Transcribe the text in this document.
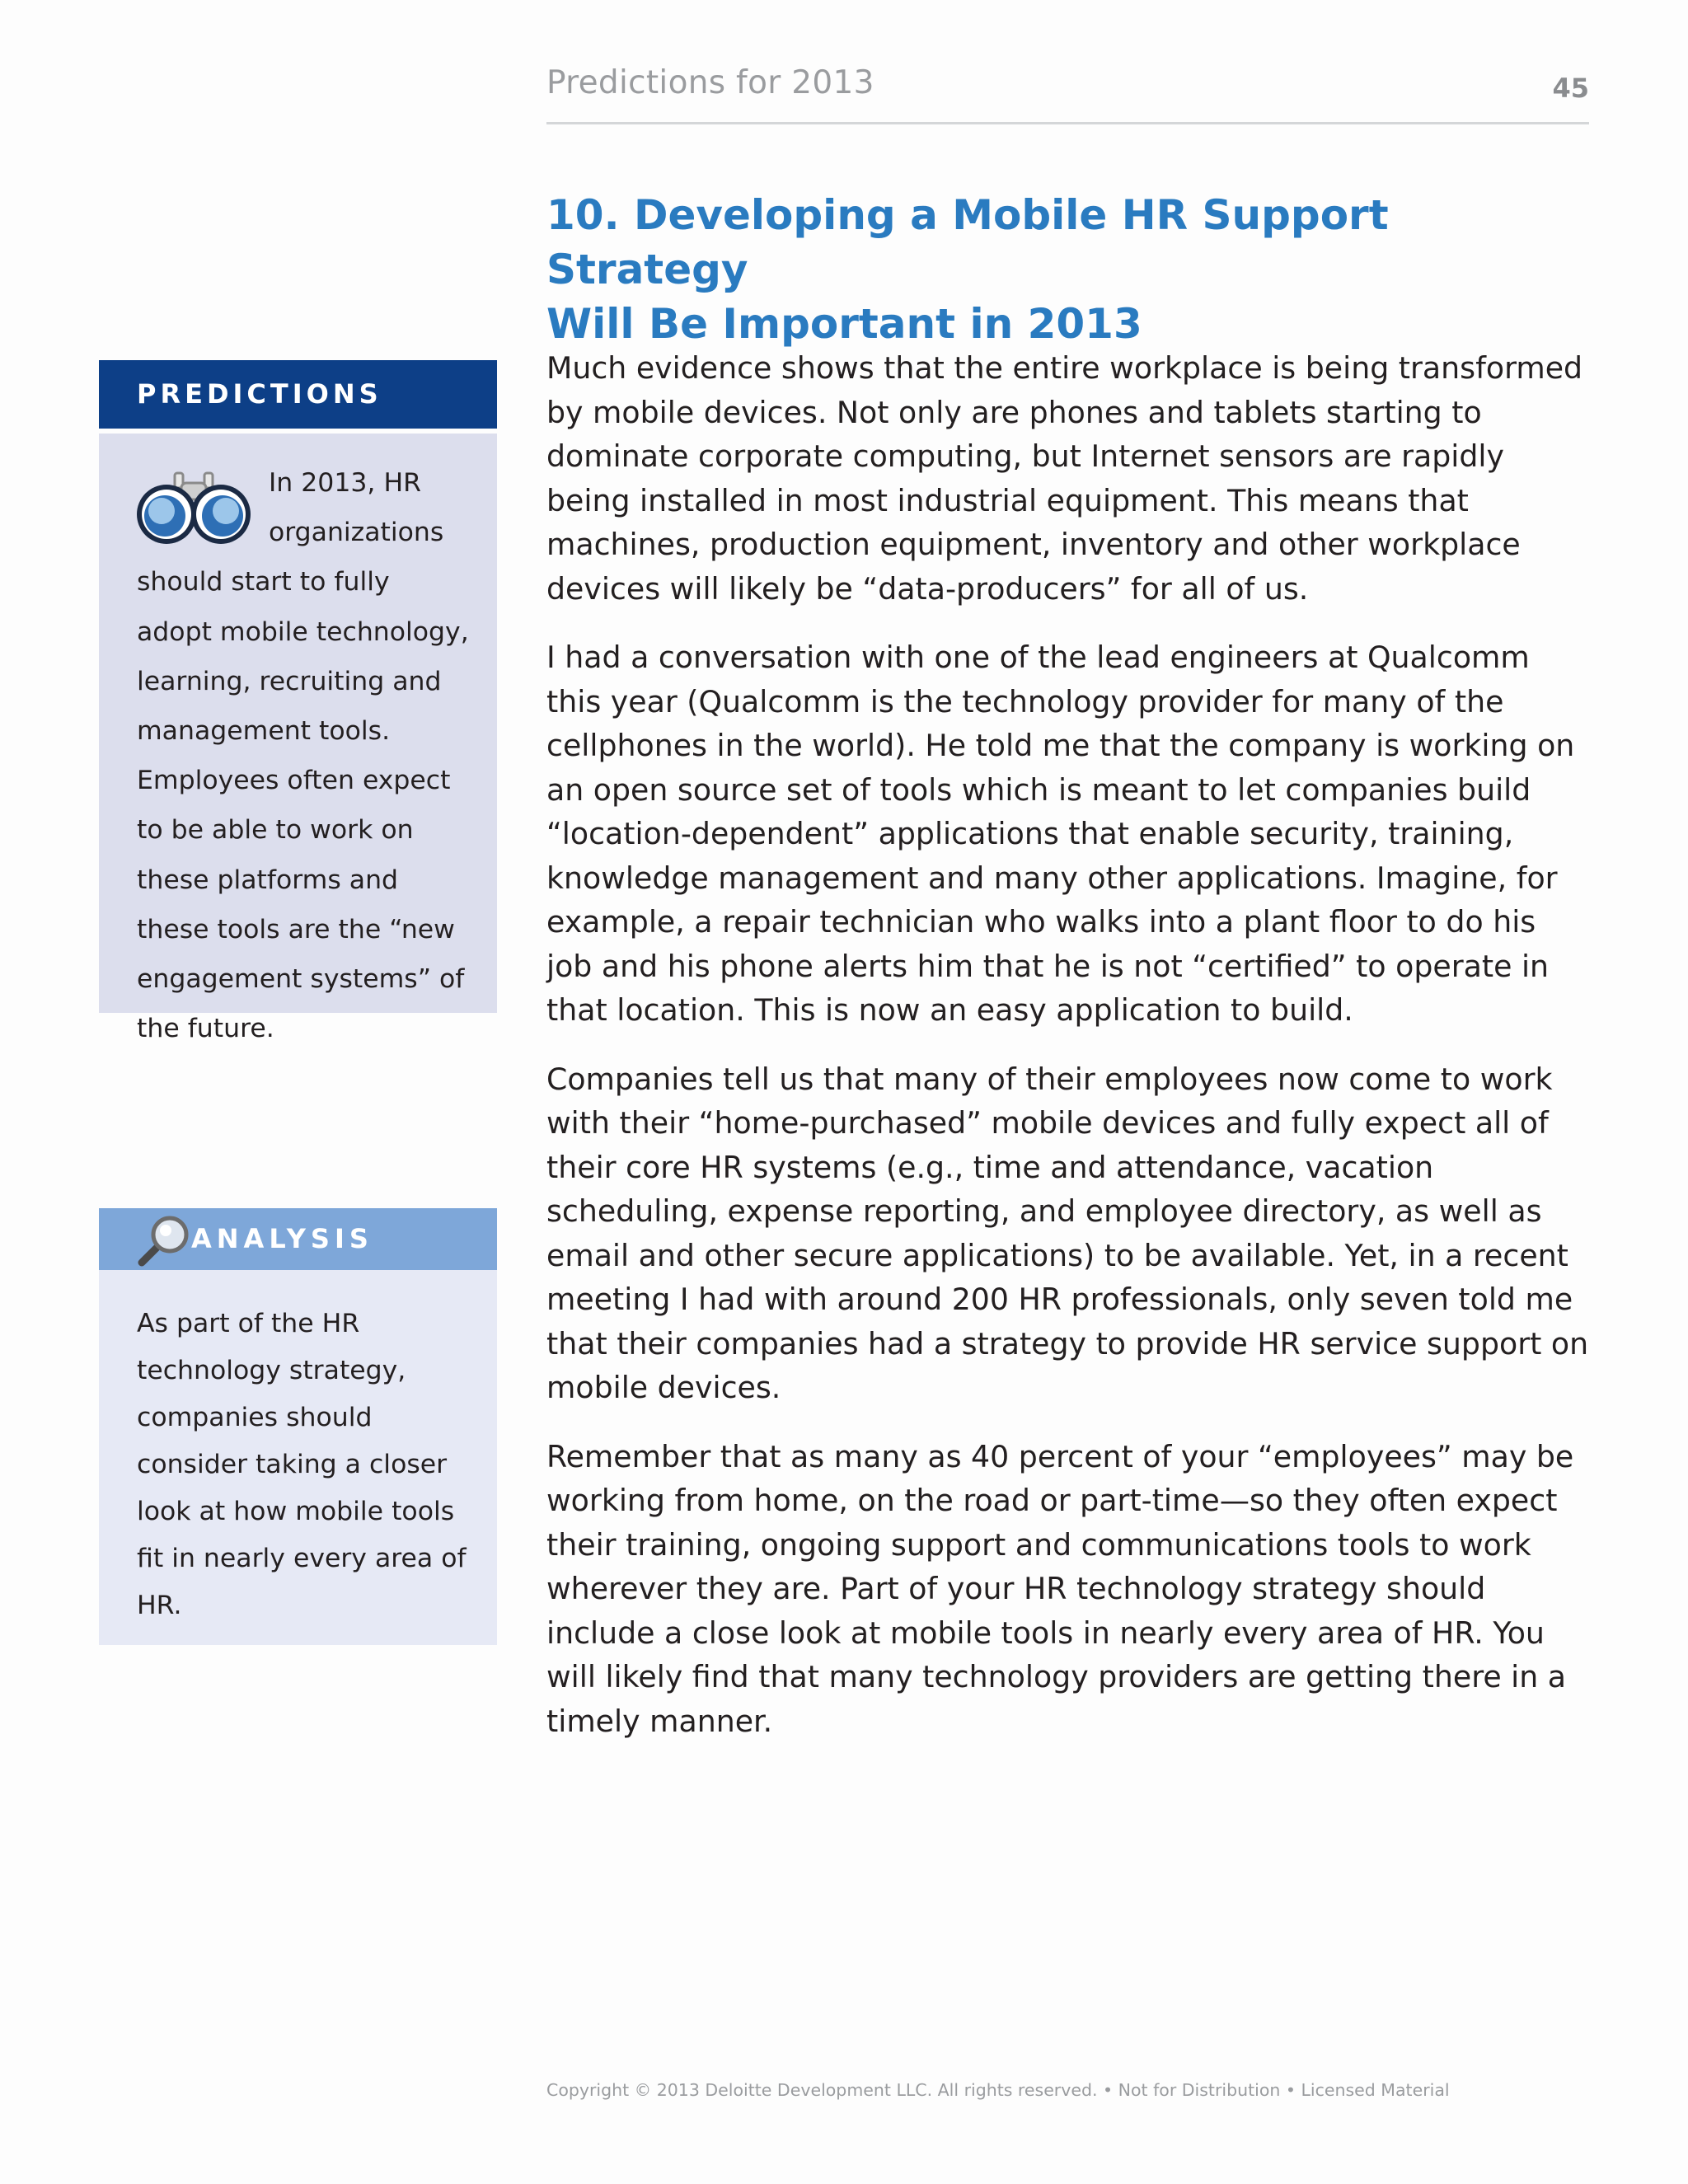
Predictions for 2013	45
10. Developing a Mobile HR Support Strategy
Will Be Important in 2013
PREDICTIONS
In 2013, HR organizations should start to fully adopt mobile technology, learning, recruiting and management tools. Employees often expect to be able to work on these platforms and these tools are the “new engagement systems” of the future.
ANALYSIS
As part of the HR technology strategy, companies should consider taking a closer look at how mobile tools fit in nearly every area of HR.

Much evidence shows that the entire workplace is being transformed by mobile devices. Not only are phones and tablets starting to dominate corporate computing, but Internet sensors are rapidly being installed in most industrial equipment. This means that machines, production equipment, inventory and other workplace devices will likely be “data-producers” for all of us.

I had a conversation with one of the lead engineers at Qualcomm this year (Qualcomm is the technology provider for many of the cellphones in the world). He told me that the company is working on an open source set of tools which is meant to let companies build “location-dependent” applications that enable security, training, knowledge management and many other applications. Imagine, for example, a repair technician who walks into a plant floor to do his job and his phone alerts him that he is not “certified” to operate in that location. This is now an easy application to build.

Companies tell us that many of their employees now come to work with their “home-purchased” mobile devices and fully expect all of their core HR systems (e.g., time and attendance, vacation scheduling, expense reporting, and employee directory, as well as email and other secure applications) to be available. Yet, in a recent meeting I had with around 200 HR professionals, only seven told me that their companies had a strategy to provide HR service support on mobile devices.

Remember that as many as 40 percent of your “employees” may be working from home, on the road or part-time—so they often expect their training, ongoing support and communications tools to work wherever they are. Part of your HR technology strategy should include a close look at mobile tools in nearly every area of HR. You will likely find that many technology providers are getting there in a timely manner.

Copyright © 2013 Deloitte Development LLC. All rights reserved. • Not for Distribution • Licensed Material
